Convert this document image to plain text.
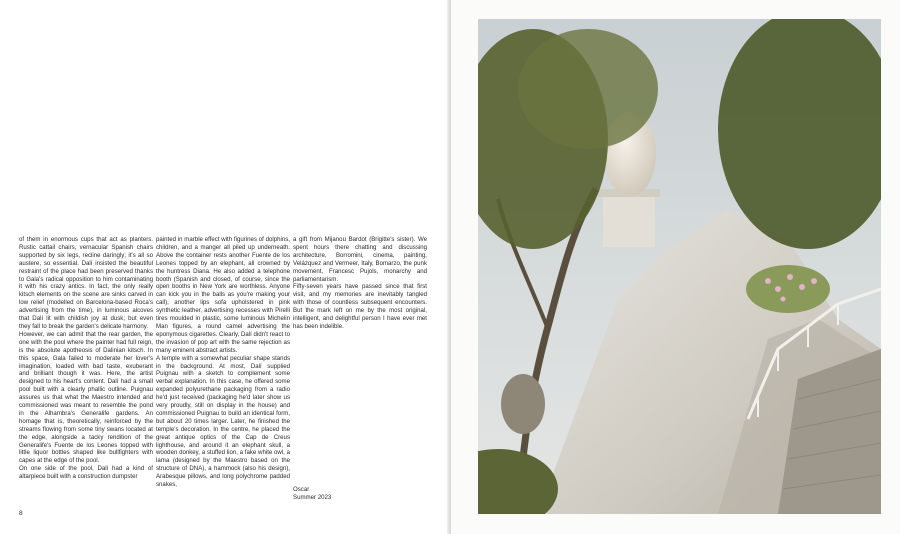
of them in enormous cups that act as planters. Rustic cattail chairs, vernacular Spanish chairs supported by six legs, recline daringly; it's all so austere, so essential. Dalí insisted the beautiful restraint of the place had been preserved thanks to Gala's radical opposition to him contaminating it with his crazy antics. In fact, the only really kitsch elements on the scene are sinks carved in low relief (modelled on Barcelona-based Roca's advertising from the time), in luminous alcoves that Dalí lit with childish joy at dusk; but even they fall to break the garden's delicate harmony.

However, we can admit that the rear garden, the one with the pool where the painter had full reign, is the absolute apotheosis of Dalinian kitsch. In this space, Gala failed to moderate her lover's imagination, loaded with bad taste, exuberant and brilliant though it was. Here, the artist designed to his heart's content. Dalí had a small pool built with a clearly phallic outline. Puignau assures us that what the Maestro intended and commissioned was meant to resemble the pond in the Alhambra's Generalife gardens. An homage that is, theoretically, reinforced by the streams flowing from some tiny swans located at the edge, alongside a tacky rendition of the Generalife's Fuente de los Leones topped with little liquor bottles shaped like bullfighters with capes at the edge of the pool.

On one side of the pool, Dalí had a kind of altarpiece built with a construction dumpster

painted in marble effect with figurines of dolphins, children, and a manger all piled up underneath. Above the container rests another Fuente de los Leones topped by an elephant, all crowned by the huntress Diana. He also added a telephone booth (Spanish and closed, of course, since the open booths in New York are worthless. Anyone can kick you in the balls as you're making your call), another lips sofa upholstered in pink synthetic leather, advertising recesses with Pirelli tires moulded in plastic, some luminous Michelin Man figures, a round camel advertising the eponymous cigarettes. Clearly, Dalí didn't react to the invasion of pop art with the same rejection as many eminent abstract artists.

A temple with a somewhat peculiar shape stands in the background. At most, Dalí supplied Puignau with a sketch to complement some verbal explanation. In this case, he offered some expanded polyurethane packaging from a radio he'd just received (packaging he'd later show us very proudly, still on display in the house) and commissioned Puignau to build an identical form, but about 20 times larger. Later, he finished the temple's decoration. In the centre, he placed the great antique optics of the Cap de Creus lighthouse, and around it an elephant skull, a wooden donkey, a stuffed lion, a fake white owl, a lama (designed by the Maestro based on the structure of DNA), a hammock (also his design), Arabesque pillows, and long polychrome padded snakes,

a gift from Mijanou Bardot (Brigitte's sister). We spent hours there chatting and discussing architecture, Borromini, cinema, painting, Velázquez and Vermeer, Italy, Bomarzo, the punk movement, Francesc Pujols, monarchy and parliamentarism.

Fifty-seven years have passed since that first visit, and my memories are inevitably tangled with those of countless subsequent encounters. But the mark left on me by the most original, intelligent, and delightful person I have ever met has been indelible.

Oscar
Summer 2023
8
